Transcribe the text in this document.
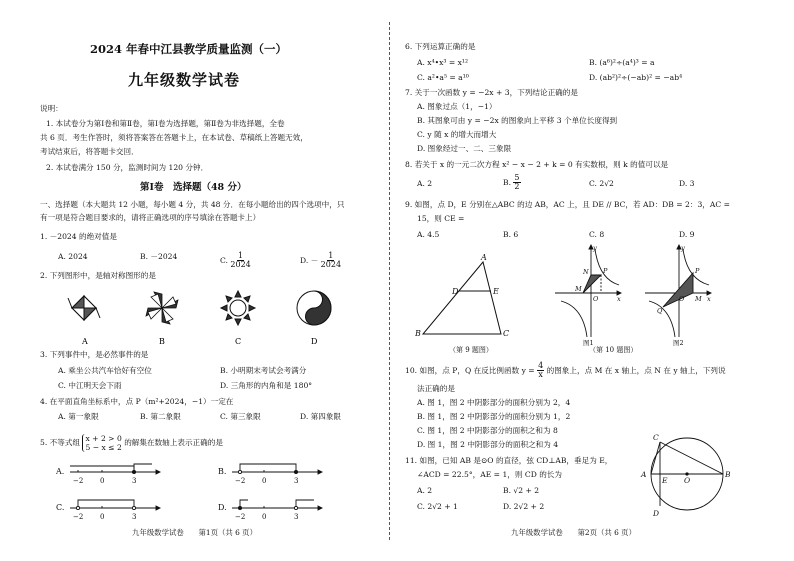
2024 年春中江县教学质量监测（一）
九年级数学试卷
说明：
1. 本试卷分为第Ⅰ卷和第Ⅱ卷，第Ⅰ卷为选择题，第Ⅱ卷为非选择题，全卷
共 6 页．考生作答时，须将答案答在答题卡上，在本试卷、草稿纸上答题无效，
考试结束后，将答题卡交回．
2. 本试卷满分 150 分，监测时间为 120 分钟．
第Ⅰ卷　选择题（48 分）
一、选择题（本大题共 12 小题，每小题 4 分，共 48 分．在每小题给出的四个选项中，只
有一项是符合题目要求的，请将正确选项的序号填涂在答题卡上）
1. －2024 的绝对值是
A. 2024	B. －2024	C. $\frac{1}{2024}$	D. － $\frac{1}{2024}$
2. 下列图形中，是轴对称图形的是
A	B	C	D
3. 下列事件中，是必然事件的是
A. 乘坐公共汽车恰好有空位	B. 小明期末考试会考满分
C. 中江明天会下雨	D. 三角形的内角和是 180°
4. 在平面直角坐标系中，点 P（m²+2024，−1）一定在
A. 第一象限	B. 第二象限	C. 第三象限	D. 第四象限
5. 不等式组 x + 2 > 0
5 − x ≤ 2
的解集在数轴上表示正确的是
A.	B.
C.	D.
−2 0	3	−2 0	3
−2 0	3	−2 0	3
九年级数学试卷　　第1页（共 6 页）
6. 下列运算正确的是
A. x⁴•x³ = x¹²	B. (a⁶)²÷(a⁴)³ = a
C. a²•a⁵ = a¹⁰	D. (ab²)²÷(−ab)² = −ab⁴
7. 关于一次函数 y = −2x + 3，下列结论正确的是
A. 图象过点（1，−1）
B. 其图象可由 y = −2x 的图象向上平移 3 个单位长度得到
C. y 随 x 的增大而增大
D. 图象经过一、二、三象限
8. 若关于 x 的一元二次方程 x² − x − 2 + k = 0 有实数根，则 k 的值可以是
A. 2	B. $\frac{5}{2}$	C. 2√2	D. 3
9. 如图，点 D，E 分别在△ABC 的边 AB，AC 上，且 DE // BC，若 AD：DB = 2：3，AC =
15，则 CE =
A. 4.5	B. 6	C. 8	D. 9
A
D	E
B	C
（第 9 题图）
y
N P
M
O	x
图1
y
Q
P
M
O	x
图2
（第 10 题图）
10. 如图，点 P，Q 在反比例函数 $y = \frac{4}{x}$ 的图象上，点 M 在 x 轴上，点 N 在 y 轴上，下列说
法正确的是
A. 图 1，图 2 中阴影部分的面积分别为 2，4
B. 图 1，图 2 中阴影部分的面积分别为 1，2
C. 图 1，图 2 中阴影部分的面积之和为 8
D. 图 1，图 2 中阴影部分的面积之和为 4
11. 如图，已知 AB 是⊙O 的直径，弦 CD⊥AB，垂足为 E，
∠ACD = 22.5°，AE = 1，则 CD 的长为
A. 2	B. √2 + 2
C. 2√2 + 1	D. 2√2 + 2
C
A
E O
B
D
九年级数学试卷　　第2页（共 6 页）
